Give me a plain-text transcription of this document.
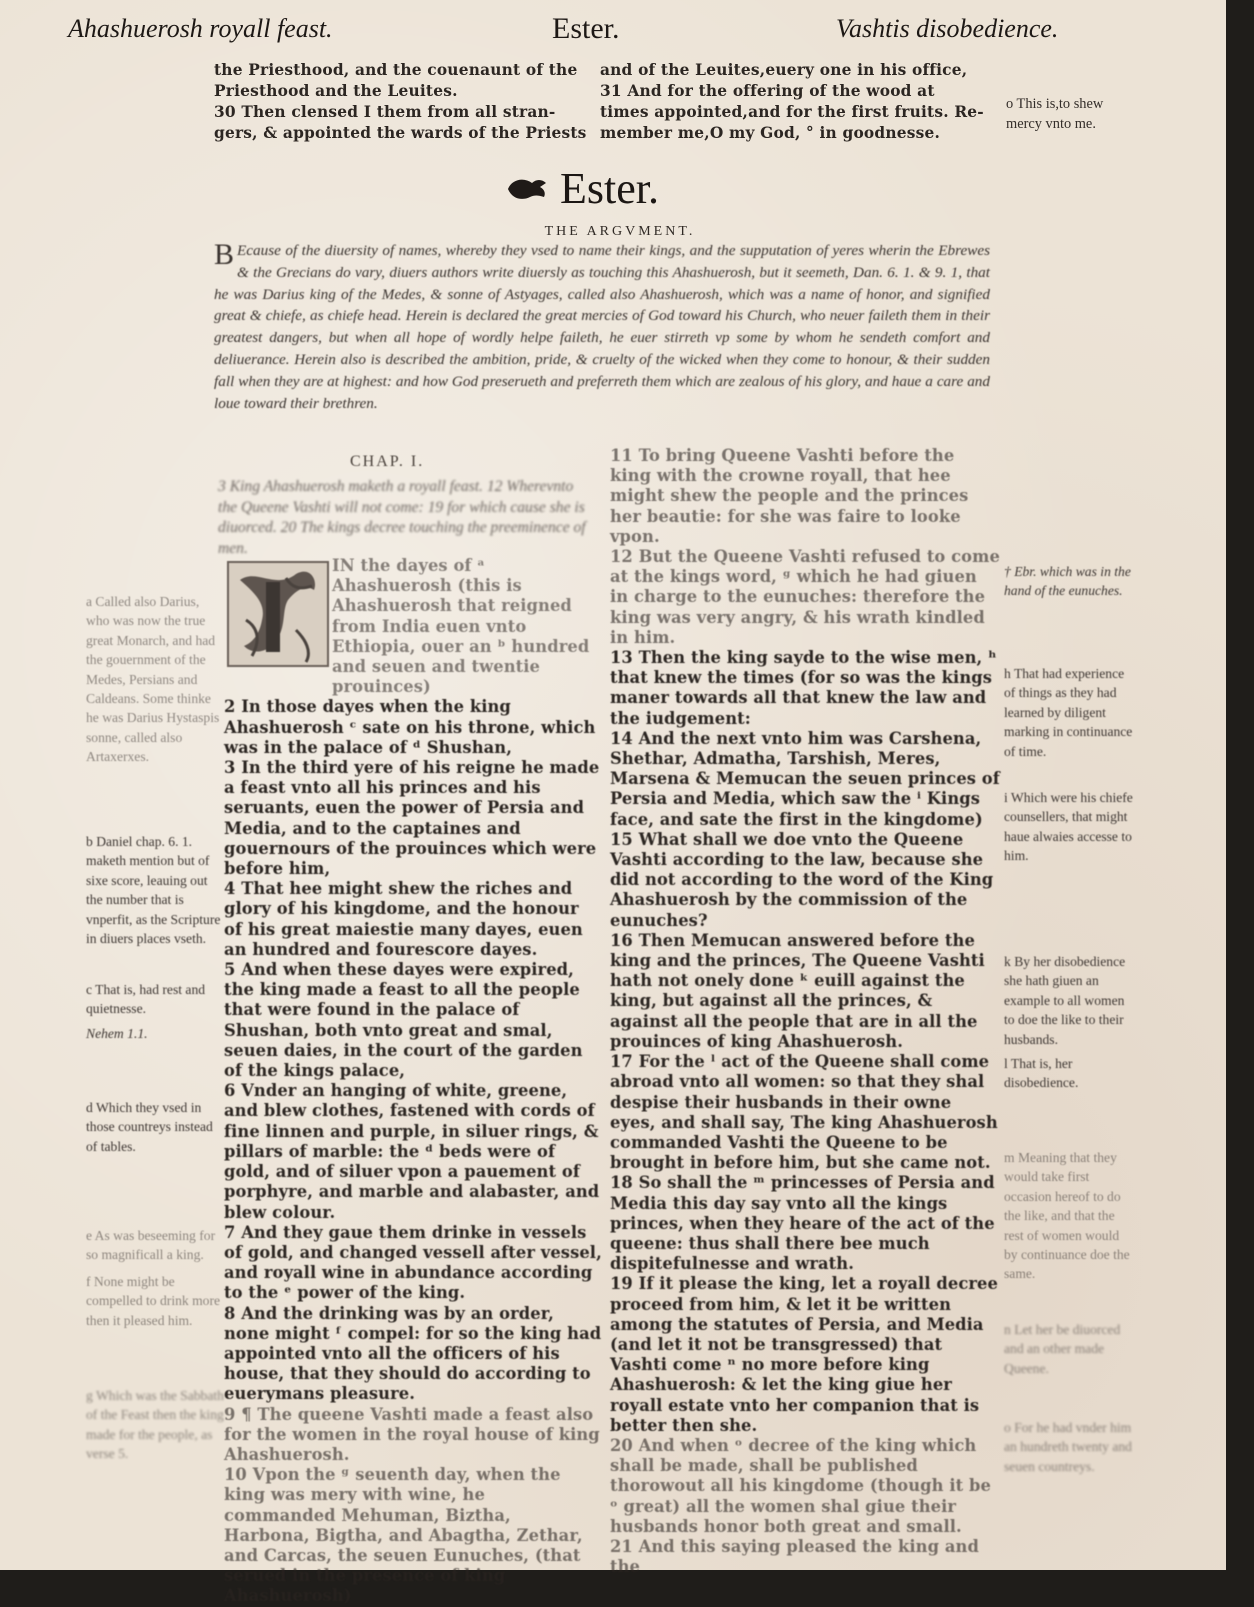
Ahashuerosh royall feast.	Ester.	Vashtis disobedience.

the Priesthood, and the couenaunt of the

Priesthood and the Leuites.

30 Then clensed I them from all stran-

gers, & appointed the wards of the Priests

and of the Leuites,euery one in his office,

31 And for the offering of the wood at

times appointed,and for the first fruits. Re-

member me,O my God, ° in goodnesse.

o This is,to shew mercy vnto me.
Ester.
THE ARGVMENT.
B Ecause of the diuersity of names, whereby they vsed to name their kings, and the supputation of yeres wherin the Ebrewes & the Grecians do vary, diuers authors write diuersly as touching this Ahashuerosh, but it seemeth, Dan. 6. 1. & 9. 1, that he was Darius king of the Medes, & sonne of Astyages, called also Ahashuerosh, which was a name of honor, and signified great & chiefe, as chiefe head. Herein is declared the great mercies of God toward his Church, who neuer faileth them in their greatest dangers, but when all hope of wordly helpe faileth, he euer stirreth vp some by whom he sendeth comfort and deliuerance. Herein also is described the ambition, pride, & cruelty of the wicked when they come to honour, & their sudden fall when they are at highest: and how God preserueth and preferreth them which are zealous of his glory, and haue a care and loue toward their brethren.
CHAP. I.
3 King Ahashuerosh maketh a royall feast. 12 Wherevnto the Queene Vashti will not come: 19 for which cause she is diuorced. 20 The kings decree touching the preeminence of men.

IN the dayes of ᵃ Ahashuerosh (this is Ahashuerosh that reigned from India euen vnto Ethiopia, ouer an ᵇ hundred and seuen and twentie prouinces)

2 In those dayes when the king Ahashuerosh ᶜ sate on his throne, which was in the palace of ᵈ Shushan,

3 In the third yere of his reigne he made a feast vnto all his princes and his seruants, euen the power of Persia and Media, and to the captaines and gouernours of the prouinces which were before him,

4 That hee might shew the riches and glory of his kingdome, and the honour of his great maiestie many dayes, euen an hundred and fourescore dayes.

5 And when these dayes were expired, the king made a feast to all the people that were found in the palace of Shushan, both vnto great and smal, seuen daies, in the court of the garden of the kings palace,

6 Vnder an hanging of white, greene, and blew clothes, fastened with cords of fine linnen and purple, in siluer rings, & pillars of marble: the ᵈ beds were of gold, and of siluer vpon a pauement of porphyre, and marble and alabaster, and blew colour.

7 And they gaue them drinke in vessels of gold, and changed vessell after vessel, and royall wine in abundance according to the ᵉ power of the king.

8 And the drinking was by an order, none might ᶠ compel: for so the king had appointed vnto all the officers of his house, that they should do according to euerymans pleasure.

9 ¶ The queene Vashti made a feast also for the women in the royal house of king Ahashuerosh.

10 Vpon the ᵍ seuenth day, when the king was mery with wine, he commanded Mehuman, Biztha, Harbona, Bigtha, and Abagtha, Zethar, and Carcas, the seuen Eunuches, (that serued in the presence of king Ahashuerosh)

11 To bring Queene Vashti before the king with the crowne royall, that hee might shew the people and the princes her beautie: for she was faire to looke vpon.

12 But the Queene Vashti refused to come at the kings word, ᵍ which he had giuen in charge to the eunuches: therefore the king was very angry, & his wrath kindled in him.

13 Then the king sayde to the wise men, ʰ that knew the times (for so was the kings maner towards all that knew the law and the iudgement:

14 And the next vnto him was Carshena, Shethar, Admatha, Tarshish, Meres, Marsena & Memucan the seuen princes of Persia and Media, which saw the ⁱ Kings face, and sate the first in the kingdome)

15 What shall we doe vnto the Queene Vashti according to the law, because she did not according to the word of the King Ahashuerosh by the commission of the eunuches?

16 Then Memucan answered before the king and the princes, The Queene Vashti hath not onely done ᵏ euill against the king, but against all the princes, & against all the people that are in all the prouinces of king Ahashuerosh.

17 For the ˡ act of the Queene shall come abroad vnto all women: so that they shal despise their husbands in their owne eyes, and shall say, The king Ahashuerosh commanded Vashti the Queene to be brought in before him, but she came not.

18 So shall the ᵐ princesses of Persia and Media this day say vnto all the kings princes, when they heare of the act of the queene: thus shall there bee much dispitefulnesse and wrath.

19 If it please the king, let a royall decree proceed from him, & let it be written among the statutes of Persia, and Media (and let it not be transgressed) that Vashti come ⁿ no more before king Ahashuerosh: & let the king giue her royall estate vnto her companion that is better then she.

20 And when ᵒ decree of the king which shall be made, shall be published thorowout all his kingdome (though it be ᵒ great) all the women shal giue their husbands honor both great and small.

21 And this saying pleased the king and the

a Called also Darius, who was now the true great Monarch, and had the gouernment of the Medes, Persians and Caldeans. Some thinke he was Darius Hystaspis sonne, called also Artaxerxes.
b Daniel chap. 6. 1. maketh mention but of sixe score, leauing out the number that is vnperfit, as the Scripture in diuers places vseth.
c That is, had rest and quietnesse.
Nehem 1.1.
d Which they vsed in those countreys instead of tables.
e As was beseeming for so magnificall a king.
f None might be compelled to drink more then it pleased him.
g Which was the Sabbath of the Feast then the king made for the people, as verse 5.
† Ebr. which was in the hand of the eunuches.
h That had experience of things as they had learned by diligent marking in continuance of time.
i Which were his chiefe counsellers, that might haue alwaies accesse to him.
k By her disobedience she hath giuen an example to all women to doe the like to their husbands.
l That is, her disobedience.
m Meaning that they would take first occasion hereof to do the like, and that the rest of women would by continuance doe the same.
n Let her be diuorced and an other made Queene.
o For he had vnder him an hundreth twenty and seuen countreys.
